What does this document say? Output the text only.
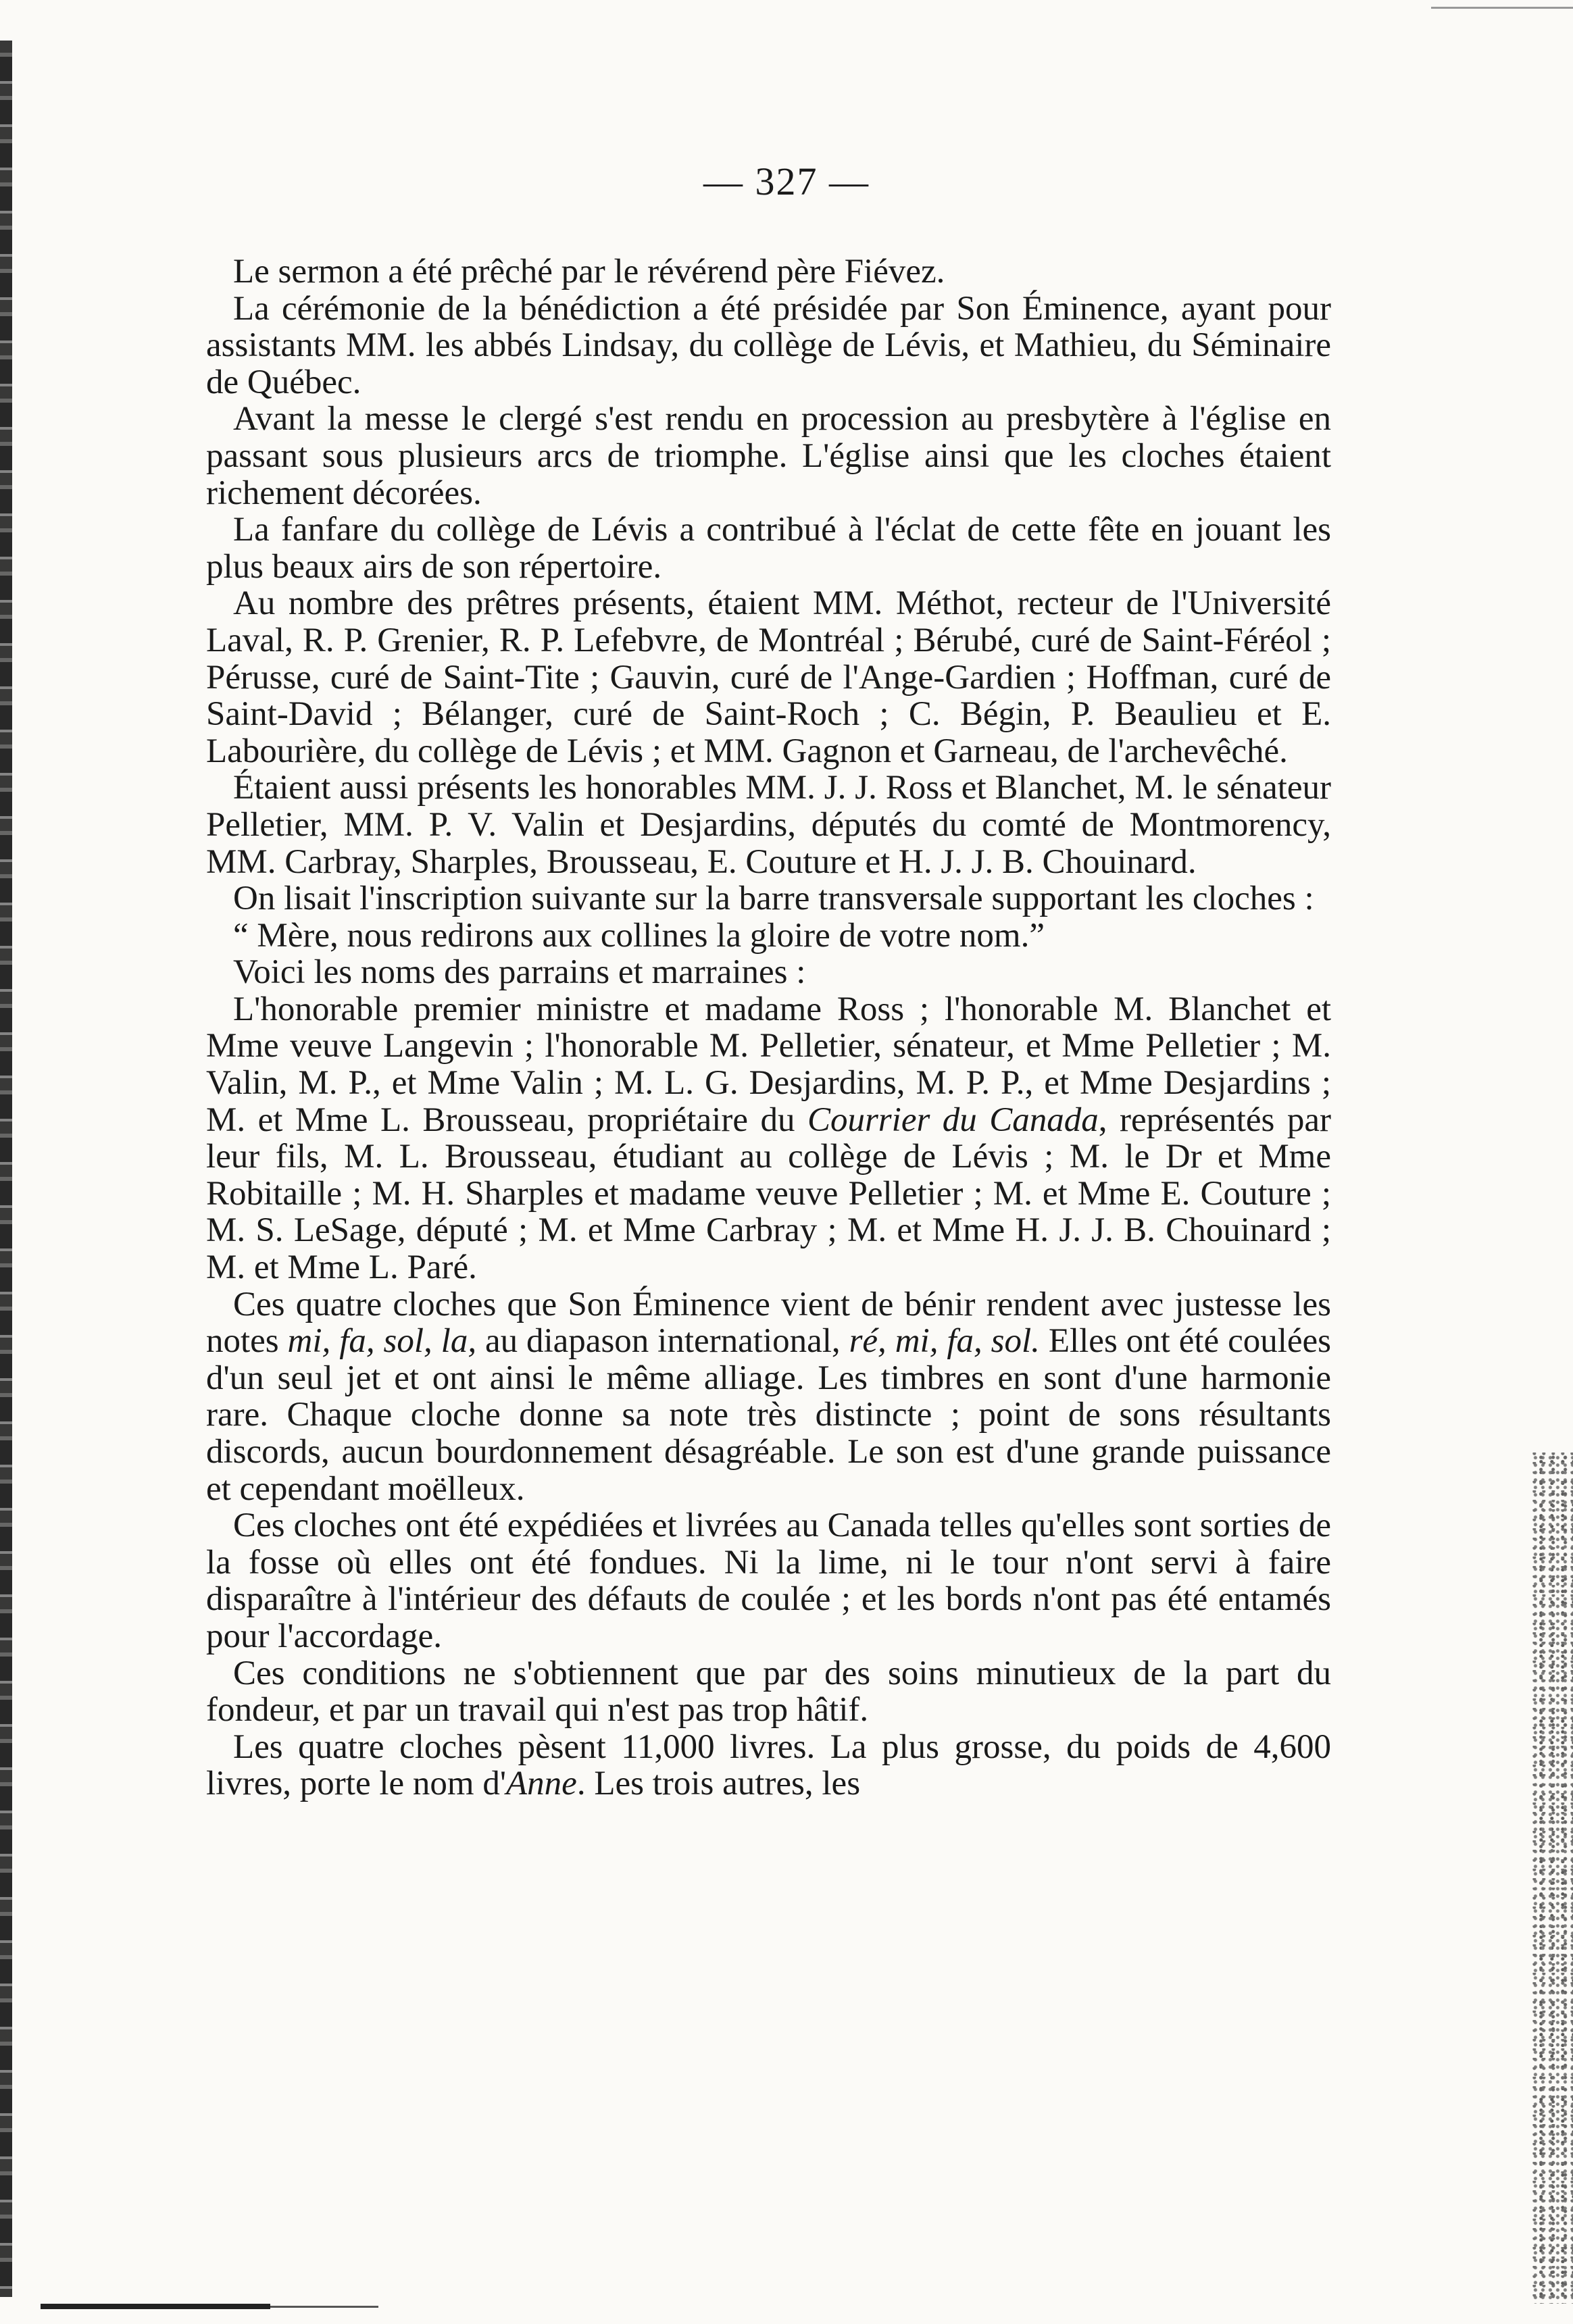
— 327 —

Le sermon a été prêché par le révérend père Fiévez.

La cérémonie de la bénédiction a été présidée par Son Éminence, ayant pour assistants MM. les abbés Lindsay, du collège de Lévis, et Mathieu, du Séminaire de Québec.

Avant la messe le clergé s'est rendu en procession au presbytère à l'église en passant sous plusieurs arcs de triomphe. L'église ainsi que les cloches étaient richement décorées.

La fanfare du collège de Lévis a contribué à l'éclat de cette fête en jouant les plus beaux airs de son répertoire.

Au nombre des prêtres présents, étaient MM. Méthot, recteur de l'Université Laval, R. P. Grenier, R. P. Lefebvre, de Montréal ; Bérubé, curé de Saint-Féréol ; Pérusse, curé de Saint-Tite ; Gauvin, curé de l'Ange-Gardien ; Hoffman, curé de Saint-David ; Bélanger, curé de Saint-Roch ; C. Bégin, P. Beaulieu et E. Labourière, du collège de Lévis ; et MM. Gagnon et Garneau, de l'archevêché.

Étaient aussi présents les honorables MM. J. J. Ross et Blanchet, M. le sénateur Pelletier, MM. P. V. Valin et Desjardins, députés du comté de Montmorency, MM. Carbray, Sharples, Brousseau, E. Couture et H. J. J. B. Chouinard.

On lisait l'inscription suivante sur la barre transversale supportant les cloches :

“ Mère, nous redirons aux collines la gloire de votre nom.”

Voici les noms des parrains et marraines :

L'honorable premier ministre et madame Ross ; l'honorable M. Blanchet et Mme veuve Langevin ; l'honorable M. Pelletier, sénateur, et Mme Pelletier ; M. Valin, M. P., et Mme Valin ; M. L. G. Desjardins, M. P. P., et Mme Desjardins ; M. et Mme L. Brousseau, propriétaire du Courrier du Canada, représentés par leur fils, M. L. Brousseau, étudiant au collège de Lévis ; M. le Dr et Mme Robitaille ; M. H. Sharples et madame veuve Pelletier ; M. et Mme E. Couture ; M. S. LeSage, député ; M. et Mme Carbray ; M. et Mme H. J. J. B. Chouinard ; M. et Mme L. Paré.

Ces quatre cloches que Son Éminence vient de bénir rendent avec justesse les notes mi, fa, sol, la, au diapason international, ré, mi, fa, sol. Elles ont été coulées d'un seul jet et ont ainsi le même alliage. Les timbres en sont d'une harmonie rare. Chaque cloche donne sa note très distincte ; point de sons résultants discords, aucun bourdonnement désagréable. Le son est d'une grande puissance et cependant moëlleux.

Ces cloches ont été expédiées et livrées au Canada telles qu'elles sont sorties de la fosse où elles ont été fondues. Ni la lime, ni le tour n'ont servi à faire disparaître à l'intérieur des défauts de coulée ; et les bords n'ont pas été entamés pour l'accordage.

Ces conditions ne s'obtiennent que par des soins minutieux de la part du fondeur, et par un travail qui n'est pas trop hâtif.

Les quatre cloches pèsent 11,000 livres. La plus grosse, du poids de 4,600 livres, porte le nom d'Anne. Les trois autres, les
